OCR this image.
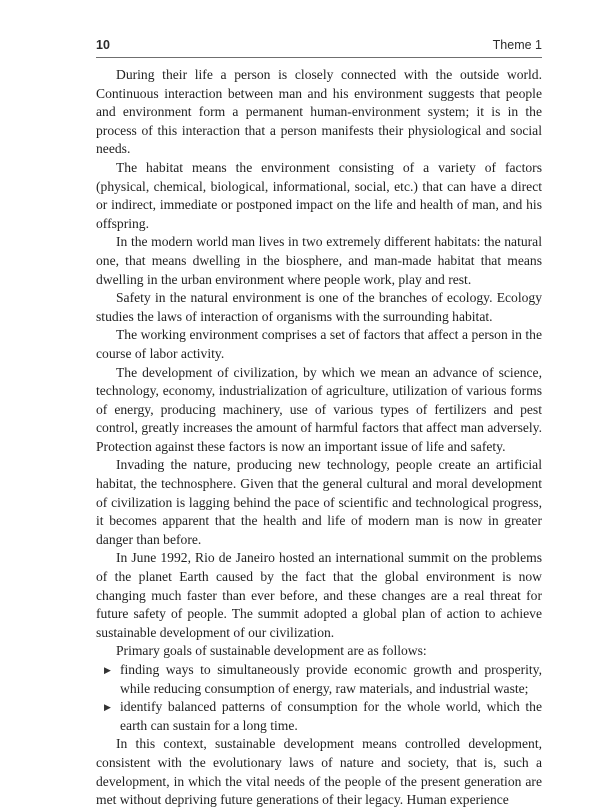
10	Theme 1

During their life a person is closely connected with the outside world. Continuous interaction between man and his environment suggests that people and environment form a permanent human-environment system; it is in the process of this interaction that a person manifests their physiological and social needs.

The habitat means the environment consisting of a variety of factors (physical, chemical, biological, informational, social, etc.) that can have a direct or indirect, immediate or postponed impact on the life and health of man, and his offspring.

In the modern world man lives in two extremely different habitats: the natural one, that means dwelling in the biosphere, and man-made habitat that means dwelling in the urban environment where people work, play and rest.

Safety in the natural environment is one of the branches of ecology. Ecology studies the laws of interaction of organisms with the surrounding habitat.

The working environment comprises a set of factors that affect a person in the course of labor activity.

The development of civilization, by which we mean an advance of science, technology, economy, industrialization of agriculture, utilization of various forms of energy, producing machinery, use of various types of fertilizers and pest control, greatly increases the amount of harmful factors that affect man adversely. Protection against these factors is now an important issue of life and safety.

Invading the nature, producing new technology, people create an artificial habitat, the technosphere. Given that the general cultural and moral development of civilization is lagging behind the pace of scientific and technological progress, it becomes apparent that the health and life of modern man is now in greater danger than before.

In June 1992, Rio de Janeiro hosted an international summit on the problems of the planet Earth caused by the fact that the global environment is now changing much faster than ever before, and these changes are a real threat for future safety of people. The summit adopted a global plan of action to achieve sustainable development of our civilization.

Primary goals of sustainable development are as follows:

▶ finding ways to simultaneously provide economic growth and prosperity, while reducing consumption of energy, raw materials, and industrial waste;
▶ identify balanced patterns of consumption for the whole world, which the earth can sustain for a long time.

In this context, sustainable development means controlled development, consistent with the evolutionary laws of nature and society, that is, such a development, in which the vital needs of the people of the present generation are met without depriving future generations of their legacy. Human experience
